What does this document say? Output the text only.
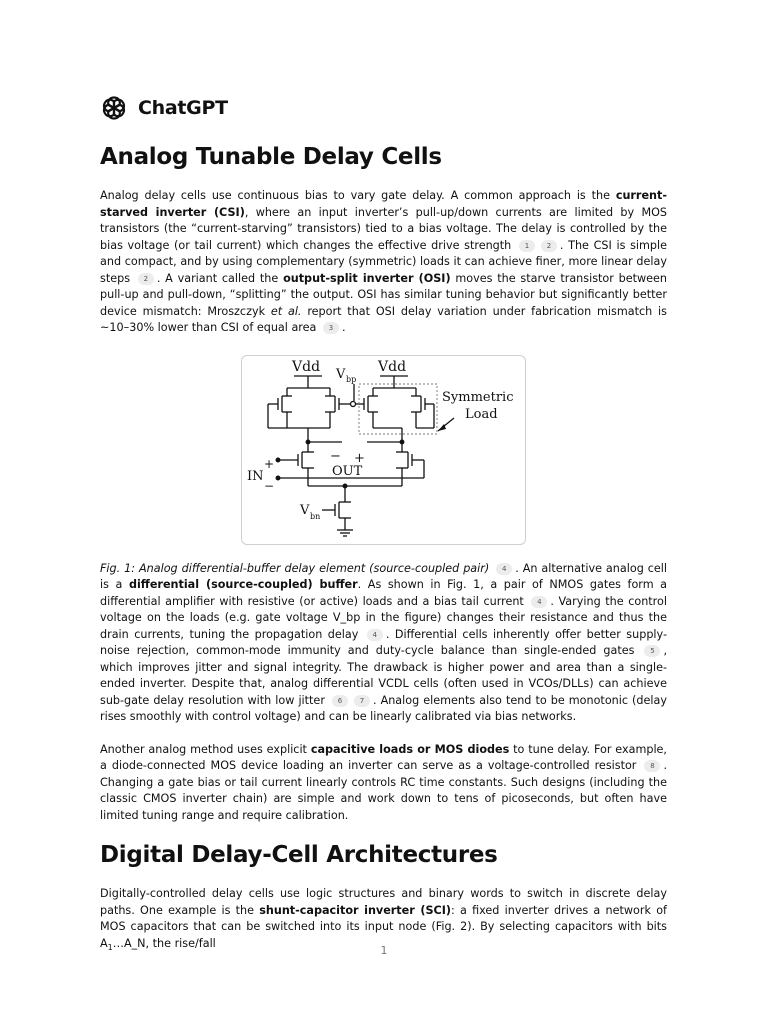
ChatGPT
Analog Tunable Delay Cells

Analog delay cells use continuous bias to vary gate delay. A common approach is the current-starved inverter (CSI), where an input inverter’s pull-up/down currents are limited by MOS transistors (the “current-starving” transistors) tied to a bias voltage. The delay is controlled by the bias voltage (or tail current) which changes the effective drive strength 1	2 . The CSI is simple and compact, and by using complementary (symmetric) loads it can achieve finer, more linear delay steps 2 . A variant called the output-split inverter (OSI) moves the starve transistor between pull-up and pull-down, “splitting” the output. OSI has similar tuning behavior but significantly better device mismatch: Mroszczyk et al. report that OSI delay variation under fabrication mismatch is ~10–30% lower than CSI of equal area 3 .

Vdd	Vdd
V bp
Symmetric
Load
IN
+
−
OUT
− +
V bn

Fig. 1: Analog differential-buffer delay element (source-coupled pair) 4 . An alternative analog cell is a differential (source-coupled) buffer. As shown in Fig. 1, a pair of NMOS gates form a differential amplifier with resistive (or active) loads and a bias tail current 4 . Varying the control voltage on the loads (e.g. gate voltage V_bp in the figure) changes their resistance and thus the drain currents, tuning the propagation delay 4 . Differential cells inherently offer better supply-noise rejection, common-mode immunity and duty-cycle balance than single-ended gates 5 , which improves jitter and signal integrity. The drawback is higher power and area than a single-ended inverter. Despite that, analog differential VCDL cells (often used in VCOs/DLLs) can achieve sub-gate delay resolution with low jitter 6	7 . Analog elements also tend to be monotonic (delay rises smoothly with control voltage) and can be linearly calibrated via bias networks.

Another analog method uses explicit capacitive loads or MOS diodes to tune delay. For example, a diode-connected MOS device loading an inverter can serve as a voltage-controlled resistor 8 . Changing a gate bias or tail current linearly controls RC time constants. Such designs (including the classic CMOS inverter chain) are simple and work down to tens of picoseconds, but often have limited tuning range and require calibration.

Digital Delay-Cell Architectures

Digitally-controlled delay cells use logic structures and binary words to switch in discrete delay paths. One example is the shunt-capacitor inverter (SCI): a fixed inverter drives a network of MOS capacitors that can be switched into its input node (Fig. 2). By selecting capacitors with bits $A_1\dots A\_N$, the rise/fall

1
